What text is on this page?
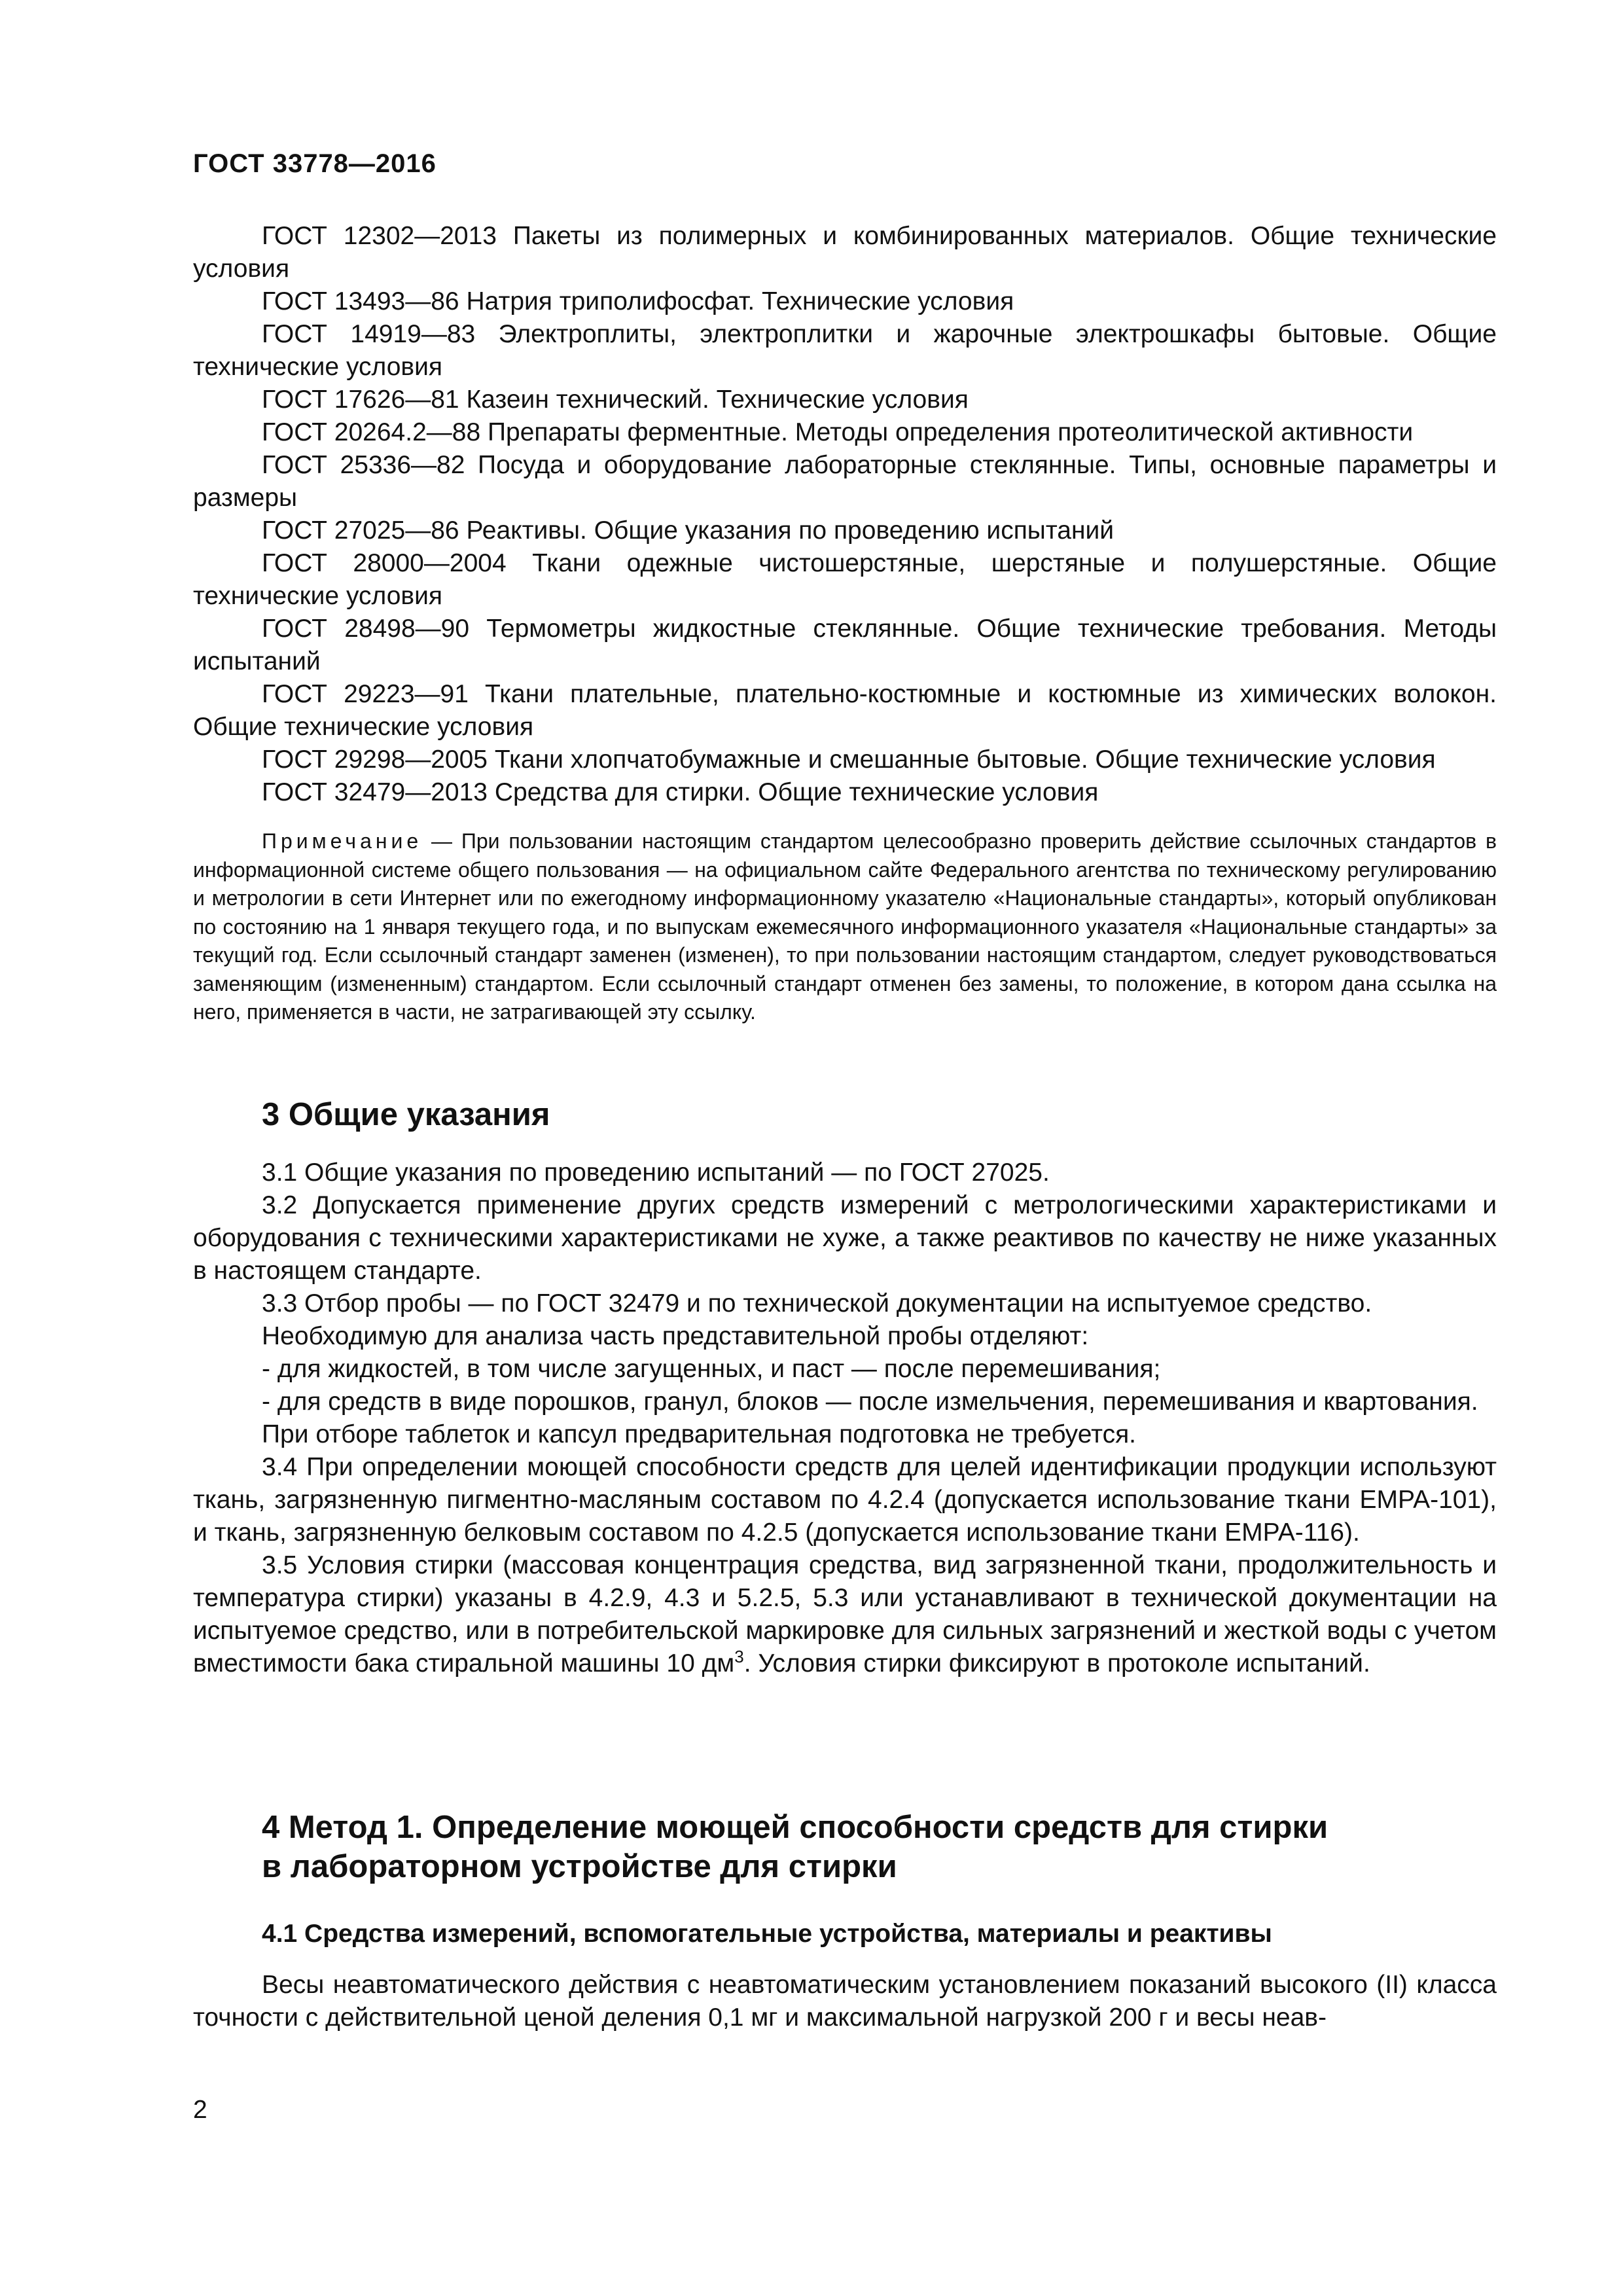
ГОСТ 33778—2016

ГОСТ 12302—2013 Пакеты из полимерных и комбинированных материалов. Общие технические условия

ГОСТ 13493—86 Натрия триполифосфат. Технические условия

ГОСТ 14919—83 Электроплиты, электроплитки и жарочные электрошкафы бытовые. Общие технические условия

ГОСТ 17626—81 Казеин технический. Технические условия

ГОСТ 20264.2—88 Препараты ферментные. Методы определения протеолитической активности

ГОСТ 25336—82 Посуда и оборудование лабораторные стеклянные. Типы, основные параметры и размеры

ГОСТ 27025—86 Реактивы. Общие указания по проведению испытаний

ГОСТ 28000—2004 Ткани одежные чистошерстяные, шерстяные и полушерстяные. Общие технические условия

ГОСТ 28498—90 Термометры жидкостные стеклянные. Общие технические требования. Методы испытаний

ГОСТ 29223—91 Ткани плательные, плательно-костюмные и костюмные из химических волокон. Общие технические условия

ГОСТ 29298—2005 Ткани хлопчатобумажные и смешанные бытовые. Общие технические условия

ГОСТ 32479—2013 Средства для стирки. Общие технические условия

Примечание — При пользовании настоящим стандартом целесообразно проверить действие ссылочных стандартов в информационной системе общего пользования — на официальном сайте Федерального агентства по техническому регулированию и метрологии в сети Интернет или по ежегодному информационному указателю «Национальные стандарты», который опубликован по состоянию на 1 января текущего года, и по выпускам ежемесячного информационного указателя «Национальные стандарты» за текущий год. Если ссылочный стандарт заменен (изменен), то при пользовании настоящим стандартом, следует руководствоваться заменяющим (измененным) стандартом. Если ссылочный стандарт отменен без замены, то положение, в котором дана ссылка на него, применяется в части, не затрагивающей эту ссылку.

3 Общие указания

3.1 Общие указания по проведению испытаний — по ГОСТ 27025.

3.2 Допускается применение других средств измерений с метрологическими характеристиками и оборудования с техническими характеристиками не хуже, а также реактивов по качеству не ниже указанных в настоящем стандарте.

3.3 Отбор пробы — по ГОСТ 32479 и по технической документации на испытуемое средство.

Необходимую для анализа часть представительной пробы отделяют:

- для жидкостей, в том числе загущенных, и паст — после перемешивания;

- для средств в виде порошков, гранул, блоков — после измельчения, перемешивания и квартования.

При отборе таблеток и капсул предварительная подготовка не требуется.

3.4 При определении моющей способности средств для целей идентификации продукции используют ткань, загрязненную пигментно-масляным составом по 4.2.4 (допускается использование ткани EMPA-101), и ткань, загрязненную белковым составом по 4.2.5 (допускается использование ткани EMPA-116).

3.5 Условия стирки (массовая концентрация средства, вид загрязненной ткани, продолжительность и температура стирки) указаны в 4.2.9, 4.3 и 5.2.5, 5.3 или устанавливают в технической документации на испытуемое средство, или в потребительской маркировке для сильных загрязнений и жесткой воды с учетом вместимости бака стиральной машины 10 $дм^3$. Условия стирки фиксируют в протоколе испытаний.

4 Метод 1. Определение моющей способности средств для стирки
в лабораторном устройстве для стирки
4.1 Средства измерений, вспомогательные устройства, материалы и реактивы

Весы неавтоматического действия с неавтоматическим установлением показаний высокого (II) класса точности с действительной ценой деления 0,1 мг и максимальной нагрузкой 200 г и весы неав-

2
